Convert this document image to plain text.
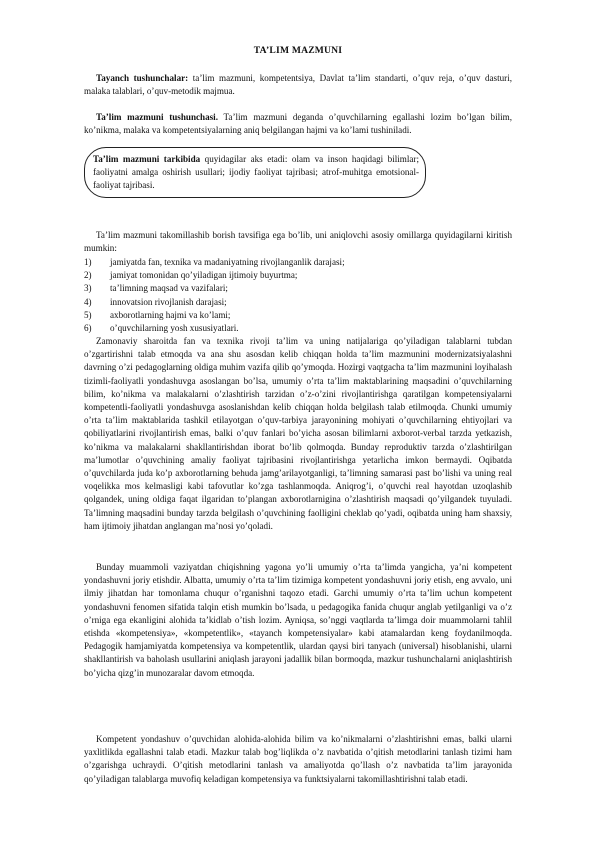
TA’LIM MAZMUNI
Tayanch tushunchalar: ta’lim mazmuni, kompetentsiya, Davlat ta’lim standarti, o’quv reja, o’quv dasturi, malaka talablari, o’quv-metodik majmua.
Ta’lim mazmuni tushunchasi. Ta’lim mazmuni deganda o’quvchilarning egallashi lozim bo’lgan bilim, ko’nikma, malaka va kompetentsiyalarning aniq belgilangan hajmi va ko’lami tushiniladi.
Ta’lim mazmuni tarkibida quyidagilar aks etadi: olam va inson haqidagi bilimlar; faoliyatni amalga oshirish usullari; ijodiy faoliyat tajribasi; atrof-muhitga emotsional-faoliyat tajribasi.
Ta’lim mazmuni takomillashib borish tavsifiga ega bo’lib, uni aniqlovchi asosiy omillarga quyidagilarni kiritish mumkin:
1) jamiyatda fan, texnika va madaniyatning rivojlanganlik darajasi;
2) jamiyat tomonidan qo’yiladigan ijtimoiy buyurtma;
3) ta’limning maqsad va vazifalari;
4) innovatsion rivojlanish darajasi;
5) axborotlarning hajmi va ko’lami;
6) o’quvchilarning yosh xususiyatlari.
Zamonaviy sharoitda fan va texnika rivoji ta’lim va uning natijalariga qo’yiladigan talablarni tubdan o’zgartirishni talab etmoqda va ana shu asosdan kelib chiqqan holda ta’lim mazmunini modernizatsiyalashni davrning o’zi pedagoglarning oldiga muhim vazifa qilib qo’ymoqda. Hozirgi vaqtgacha ta’lim mazmunini loyihalash tizimli-faoliyatli yondashuvga asoslangan bo’lsa, umumiy o’rta ta’lim maktablarining maqsadini o’quvchilarning bilim, ko’nikma va malakalarni o’zlashtirish tarzidan o’z-o’zini rivojlantirishga qaratilgan kompetensiyalarni kompetentli-faoliyatli yondashuvga asoslanishdan kelib chiqqan holda belgilash talab etilmoqda. Chunki umumiy o’rta ta’lim maktablarida tashkil etilayotgan o’quv-tarbiya jarayonining mohiyati o’quvchilarning ehtiyojlari va qobiliyatlarini rivojlantirish emas, balki o’quv fanlari bo’yicha asosan bilimlarni axborot-verbal tarzda yetkazish, ko’nikma va malakalarni shakllantirishdan iborat bo’lib qolmoqda. Bunday reproduktiv tarzda o’zlashtirilgan ma’lumotlar o’quvchining amaliy faoliyat tajribasini rivojlantirishga yetarlicha imkon bermaydi. Oqibatda o’quvchilarda juda ko’p axborotlarning behuda jamg’arilayotganligi, ta’limning samarasi past bo’lishi va uning real voqelikka mos kelmasligi kabi tafovutlar ko’zga tashlanmoqda. Aniqrog’i, o’quvchi real hayotdan uzoqlashib qolgandek, uning oldiga faqat ilgaridan to’plangan axborotlarnigina o’zlashtirish maqsadi qo’yilgandek tuyuladi. Ta’limning maqsadini bunday tarzda belgilash o’quvchining faolligini cheklab qo’yadi, oqibatda uning ham shaxsiy, ham ijtimoiy jihatdan anglangan ma’nosi yo’qoladi.
Bunday muammoli vaziyatdan chiqishning yagona yo’li umumiy o’rta ta’limda yangicha, ya’ni kompetent yondashuvni joriy etishdir. Albatta, umumiy o’rta ta’lim tizimiga kompetent yondashuvni joriy etish, eng avvalo, uni ilmiy jihatdan har tomonlama chuqur o’rganishni taqozo etadi. Garchi umumiy o’rta ta’lim uchun kompetent yondashuvni fenomen sifatida talqin etish mumkin bo’lsada, u pedagogika fanida chuqur anglab yetilganligi va o’z o’rniga ega ekanligini alohida ta’kidlab o’tish lozim. Ayniqsa, so’nggi vaqtlarda ta’limga doir muammolarni tahlil etishda «kompetensiya», «kompetentlik», «tayanch kompetensiyalar» kabi atamalardan keng foydanilmoqda. Pedagogik hamjamiyatda kompetensiya va kompetentlik, ulardan qaysi biri tanyach (universal) hisoblanishi, ularni shakllantirish va baholash usullarini aniqlash jarayoni jadallik bilan bormoqda, mazkur tushunchalarni aniqlashtirish bo’yicha qizg’in munozaralar davom etmoqda.
Kompetent yondashuv o’quvchidan alohida-alohida bilim va ko’nikmalarni o’zlashtirishni emas, balki ularni yaxlitlikda egallashni talab etadi. Mazkur talab bog’liqlikda o’z navbatida o’qitish metodlarini tanlash tizimi ham o’zgarishga uchraydi. O’qitish metodlarini tanlash va amaliyotda qo’llash o’z navbatida ta’lim jarayonida qo’yiladigan talablarga muvofiq keladigan kompetensiya va funktsiyalarni takomillashtirishni talab etadi.
